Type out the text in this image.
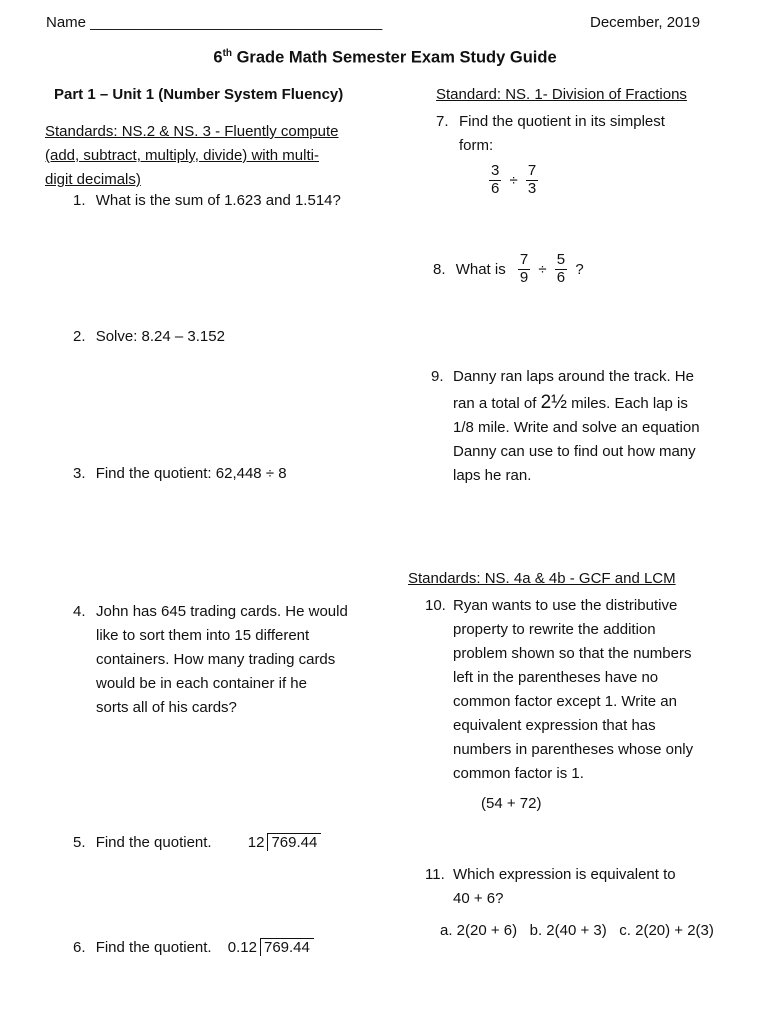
Name ___________________________________	December, 2019
6th Grade Math Semester Exam Study Guide
Part 1 – Unit 1 (Number System Fluency)
Standards: NS.2 & NS. 3 - Fluently compute
(add, subtract, multiply, divide) with multi-
digit decimals)
1. What is the sum of 1.623 and 1.514?
2. Solve: 8.24 – 3.152
3. Find the quotient: 62,448 ÷ 8
4. John has 645 trading cards. He would
like to sort them into 15 different
containers. How many trading cards
would be in each container if he
sorts all of his cards?
5. Find the quotient. 12 769.44
6. Find the quotient. 0.12 769.44
Standard: NS. 1- Division of Fractions
7. Find the quotient in its simplest
form:
$\frac{3}{6} \div \frac{7}{3}$
8. What is $\frac{7}{9} \div \frac{5}{6}$ ?
9. Danny ran laps around the track. He
ran a total of 2½ miles. Each lap is
1/8 mile. Write and solve an equation
Danny can use to find out how many
laps he ran.
Standards: NS. 4a & 4b - GCF and LCM
10. Ryan wants to use the distributive
property to rewrite the addition
problem shown so that the numbers
left in the parentheses have no
common factor except 1. Write an
equivalent expression that has
numbers in parentheses whose only
common factor is 1.
(54 + 72)
11. Which expression is equivalent to
40 + 6?
a. 2(20 + 6)   b. 2(40 + 3)   c. 2(20) + 2(3)
